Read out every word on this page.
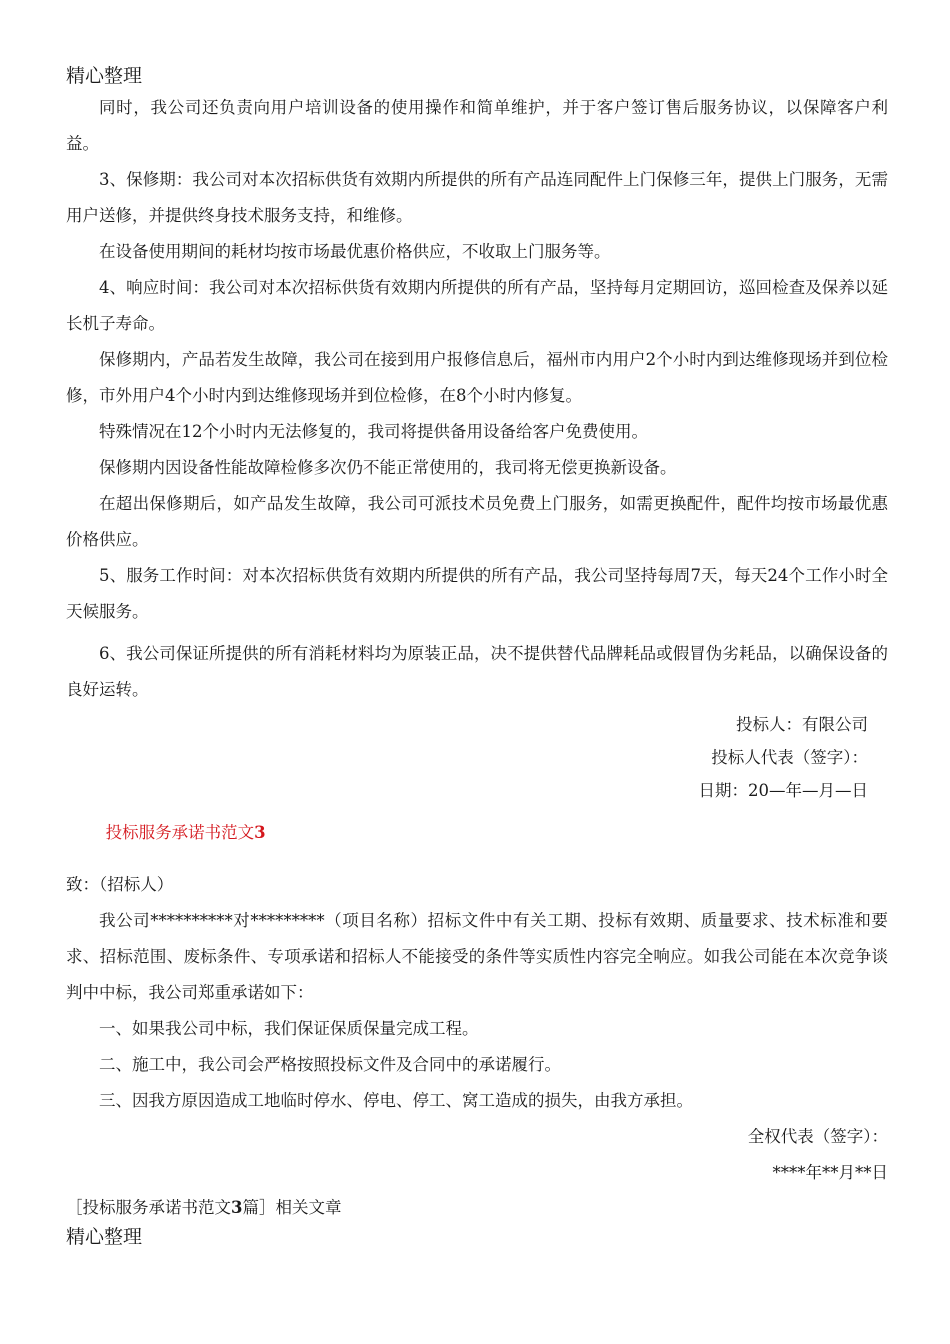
精心整理

同时，我公司还负责向用户培训设备的使用操作和简单维护，并于客户签订售后服务协议，以保障客户利益。

3、保修期：我公司对本次招标供货有效期内所提供的所有产品连同配件上门保修三年，提供上门服务，无需用户送修，并提供终身技术服务支持，和维修。

在设备使用期间的耗材均按市场最优惠价格供应，不收取上门服务等。

4、响应时间：我公司对本次招标供货有效期内所提供的所有产品，坚持每月定期回访，巡回检查及保养以延长机子寿命。

保修期内，产品若发生故障，我公司在接到用户报修信息后，福州市内用户2个小时内到达维修现场并到位检修，市外用户4个小时内到达维修现场并到位检修，在8个小时内修复。

特殊情况在12个小时内无法修复的，我司将提供备用设备给客户免费使用。

保修期内因设备性能故障检修多次仍不能正常使用的，我司将无偿更换新设备。

在超出保修期后，如产品发生故障，我公司可派技术员免费上门服务，如需更换配件，配件均按市场最优惠价格供应。

5、服务工作时间：对本次招标供货有效期内所提供的所有产品，我公司坚持每周7天，每天24个工作小时全天候服务。

6、我公司保证所提供的所有消耗材料均为原装正品，决不提供替代品牌耗品或假冒伪劣耗品，以确保设备的良好运转。

投标人：有限公司

投标人代表（签字）：

日期：20—年—月—日

投标服务承诺书范文3

致：（招标人）

我公司**********对*********（项目名称）招标文件中有关工期、投标有效期、质量要求、技术标准和要求、招标范围、废标条件、专项承诺和招标人不能接受的条件等实质性内容完全响应。如我公司能在本次竞争谈判中中标，我公司郑重承诺如下：

一、如果我公司中标，我们保证保质保量完成工程。

二、施工中，我公司会严格按照投标文件及合同中的承诺履行。

三、因我方原因造成工地临时停水、停电、停工、窝工造成的损失，由我方承担。

全权代表（签字）：

****年**月**日

［投标服务承诺书范文3篇］相关文章

精心整理
